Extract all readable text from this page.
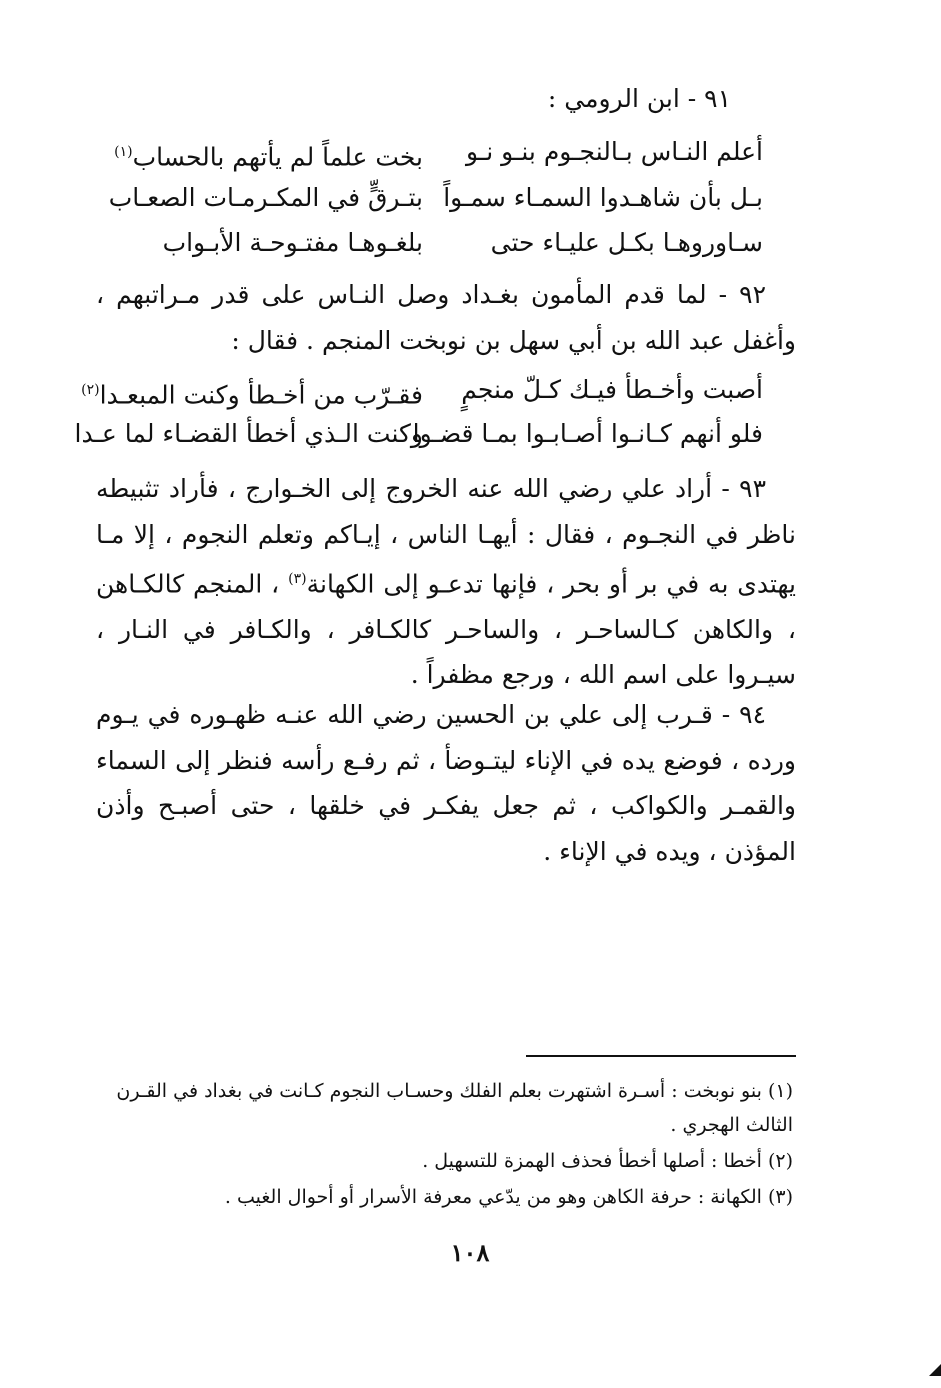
٩١ - ابن الرومي :
أعلم النـاس بـالنجـوم بنـو نـو
بخت علماً لم يأتهم بالحساب$^{(١)}$
بـل بأن شاهـدوا السمـاء سمـواً
بتـرقٍّ في المكـرمـات الصعـاب
سـاوروهـا بكـل عليـاء حتى
بلغـوهـا مفتـوحـة الأبـواب
٩٢ - لما قدم المأمون بغـداد وصل النـاس على قدر مـراتبهم ، وأغفل عبد الله بن أبي سهل بن نوبخت المنجم . فقال :
أصبت وأخـطأ فيـك كـلّ منجمٍ
فقـرّب من أخـطأ وكنت المبعـدا$^{(٢)}$
فلو أنهم كـانـوا أصـابـوا بمـا قضـوا
وكنت الـذي أخطأ القضـاء لما عـدا
٩٣ - أراد علي رضي الله عنه الخروج إلى الخـوارج ، فأراد تثبيطه ناظر في النجـوم ، فقال : أيهـا الناس ، إيـاكم وتعلم النجوم ، إلا مـا يهتدى به في بر أو بحر ، فإنها تدعـو إلى الكهانة$^{(٣)}$ ، المنجم كالكـاهن ، والكاهن كـالساحـر ، والساحـر كالكـافر ، والكـافر في النـار ، سيـروا على اسم الله ، ورجع مظفراً .
٩٤ - قـرب إلى علي بن الحسين رضي الله عنـه ظهـوره في يـوم ورده ، فوضع يده في الإناء ليتـوضأ ، ثم رفـع رأسه فنظر إلى السماء والقمـر والكواكب ، ثم جعل يفكـر في خلقها ، حتى أصبـح وأذن المؤذن ، ويده في الإناء .
(١) بنو نوبخت : أسـرة اشتهرت بعلم الفلك وحسـاب النجوم كـانت في بغداد في القـرن الثالث الهجري .
(٢) أخطا : أصلها أخطأ فحذف الهمزة للتسهيل .
(٣) الكهانة : حرفة الكاهن وهو من يدّعي معرفة الأسرار أو أحوال الغيب .
١٠٨
